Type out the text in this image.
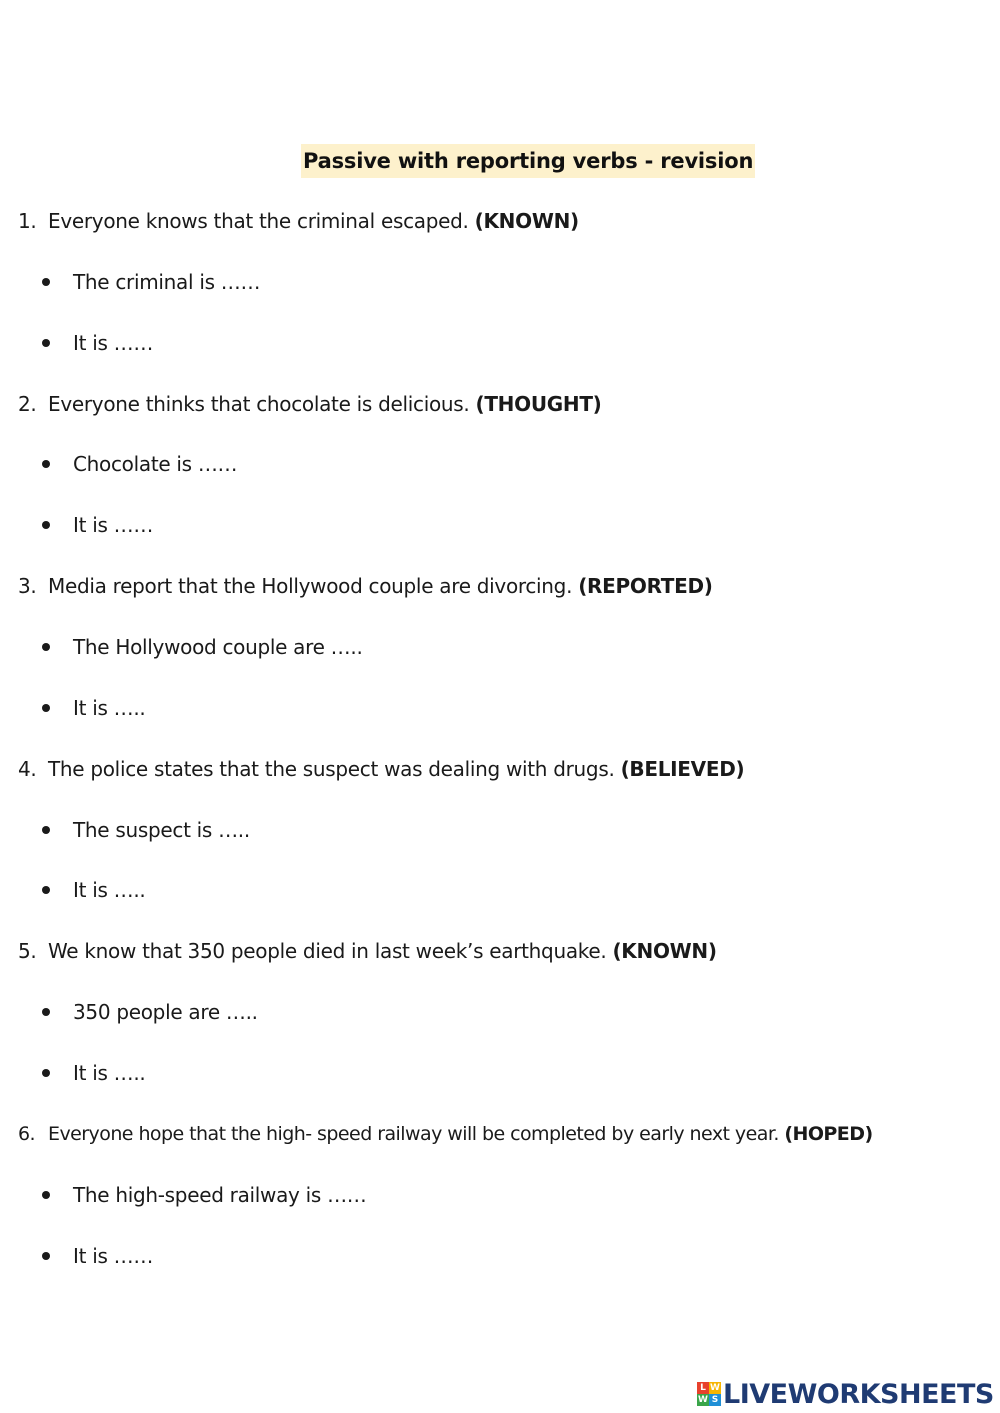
Passive with reporting verbs - revision
1. Everyone knows that the criminal escaped. (KNOWN)
The criminal is ……
It is ……
2. Everyone thinks that chocolate is delicious. (THOUGHT)
Chocolate is ……
It is ……
3. Media report that the Hollywood couple are divorcing. (REPORTED)
The Hollywood couple are …..
It is …..
4. The police states that the suspect was dealing with drugs. (BELIEVED)
The suspect is …..
It is …..
5. We know that 350 people died in last week’s earthquake. (KNOWN)
350 people are …..
It is …..
6. Everyone hope that the high- speed railway will be completed by early next year. (HOPED)
The high-speed railway is ……
It is ……
L W
W S LIVEWORKSHEETS
